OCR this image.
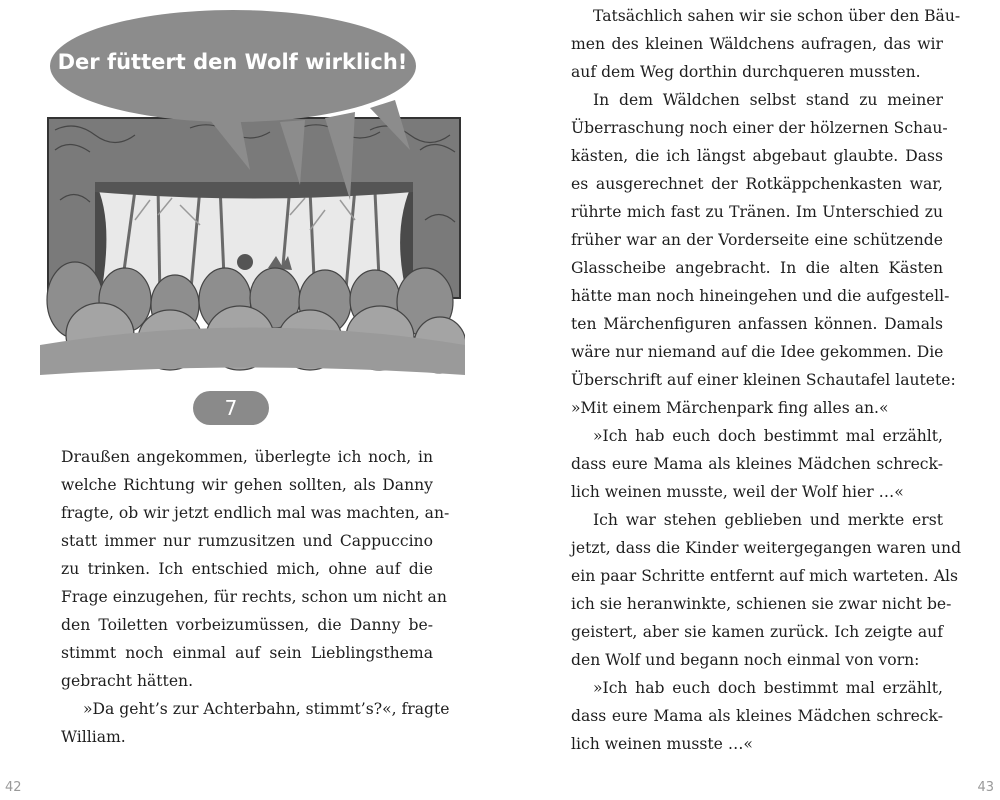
Der füttert den Wolf wirklich!
7
Draußen angekommen, überlegte ich noch, in
welche Richtung wir gehen sollten, als Danny
fragte, ob wir jetzt endlich mal was machten, an-
statt immer nur rumzusitzen und Cappuccino
zu trinken. Ich entschied mich, ohne auf die
Frage einzugehen, für rechts, schon um nicht an
den Toiletten vorbeizumüssen, die Danny be-
stimmt noch einmal auf sein Lieblingsthema
gebracht hätten.
»Da geht’s zur Achterbahn, stimmt’s?«, fragte
William.
42
Tatsächlich sahen wir sie schon über den Bäu-
men des kleinen Wäldchens aufragen, das wir
auf dem Weg dorthin durchqueren mussten.
In dem Wäldchen selbst stand zu meiner
Überraschung noch einer der hölzernen Schau-
kästen, die ich längst abgebaut glaubte. Dass
es ausgerechnet der Rotkäppchenkasten war,
rührte mich fast zu Tränen. Im Unterschied zu
früher war an der Vorderseite eine schützende
Glasscheibe angebracht. In die alten Kästen
hätte man noch hineingehen und die aufgestell-
ten Märchenfiguren anfassen können. Damals
wäre nur niemand auf die Idee gekommen. Die
Überschrift auf einer kleinen Schautafel lautete:
»Mit einem Märchenpark fing alles an.«
»Ich hab euch doch bestimmt mal erzählt,
dass eure Mama als kleines Mädchen schreck-
lich weinen musste, weil der Wolf hier …«
Ich war stehen geblieben und merkte erst
jetzt, dass die Kinder weitergegangen waren und
ein paar Schritte entfernt auf mich warteten. Als
ich sie heranwinkte, schienen sie zwar nicht be-
geistert, aber sie kamen zurück. Ich zeigte auf
den Wolf und begann noch einmal von vorn:
»Ich hab euch doch bestimmt mal erzählt,
dass eure Mama als kleines Mädchen schreck-
lich weinen musste …«
43
